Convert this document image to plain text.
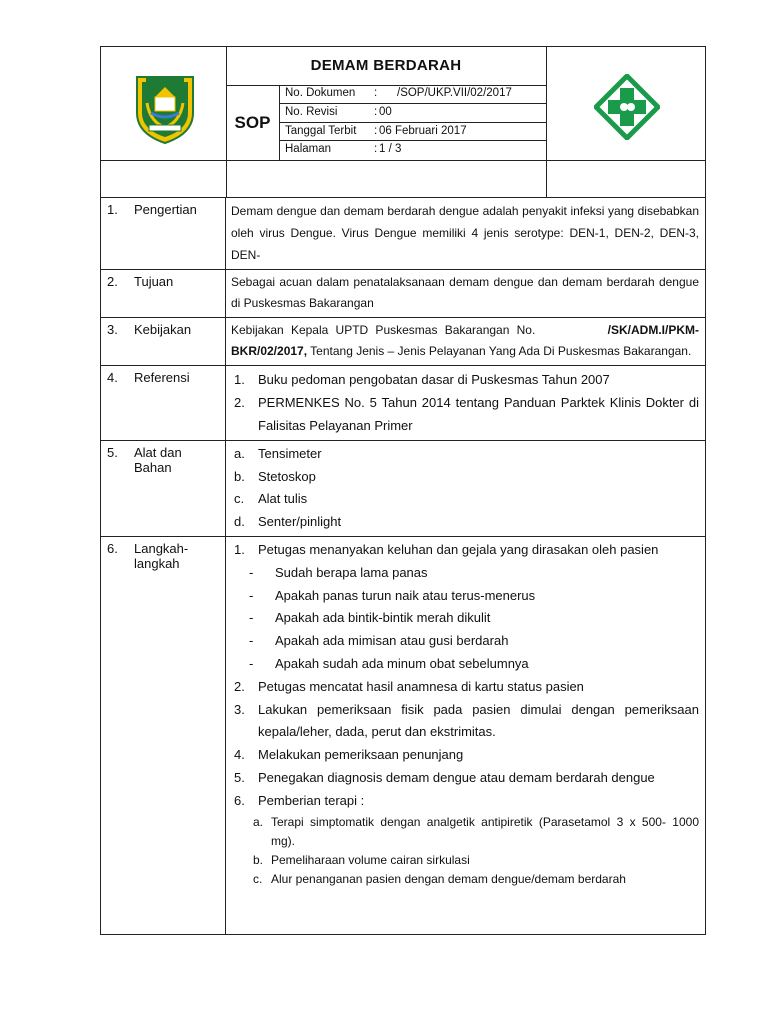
DEMAM BERDARAH
SOP
No. Dokumen : /SOP/UKP.VII/02/2017
No. Revisi	: 00
Tanggal Terbit : 06 Februari 2017
Halaman	: 1 / 3
1.	Pengertian	Demam dengue dan demam berdarah dengue adalah penyakit infeksi yang disebabkan oleh virus Dengue. Virus Dengue memiliki 4 jenis serotype: DEN-1, DEN-2, DEN-3, DEN-
2.	Tujuan	Sebagai acuan dalam penatalaksanaan demam dengue dan demam berdarah dengue di Puskesmas Bakarangan
3.	Kebijakan	Kebijakan Kepala UPTD Puskesmas Bakarangan No.	/SK/ADM.I/PKM-BKR/02/2017, Tentang Jenis – Jenis Pelayanan Yang Ada Di Puskesmas Bakarangan.
4.	Referensi	1.	Buku pedoman pengobatan dasar di Puskesmas Tahun 2007
2.	PERMENKES No. 5 Tahun 2014 tentang Panduan Parktek Klinis Dokter di Falisitas Pelayanan Primer
5.	Alat dan Bahan
a.	Tensimeter
b.	Stetoskop
c.	Alat tulis
d.	Senter/pinlight
6.	Langkah-langkah
1.	Petugas menanyakan keluhan dan gejala yang dirasakan oleh pasien
-	Sudah berapa lama panas
-	Apakah panas turun naik atau terus-menerus
-	Apakah ada bintik-bintik merah dikulit
-	Apakah ada mimisan atau gusi berdarah
-	Apakah sudah ada minum obat sebelumnya
2.	Petugas mencatat hasil anamnesa di kartu status pasien
3.	Lakukan pemeriksaan fisik pada pasien dimulai dengan pemeriksaan kepala/leher, dada, perut dan ekstrimitas.
4.	Melakukan pemeriksaan penunjang
5.	Penegakan diagnosis demam dengue atau demam berdarah dengue
6.	Pemberian terapi :
a. Terapi simptomatik dengan analgetik antipiretik (Parasetamol 3 x 500- 1000 mg).
b. Pemeliharaan volume cairan sirkulasi
c. Alur penanganan pasien dengan demam dengue/demam berdarah
